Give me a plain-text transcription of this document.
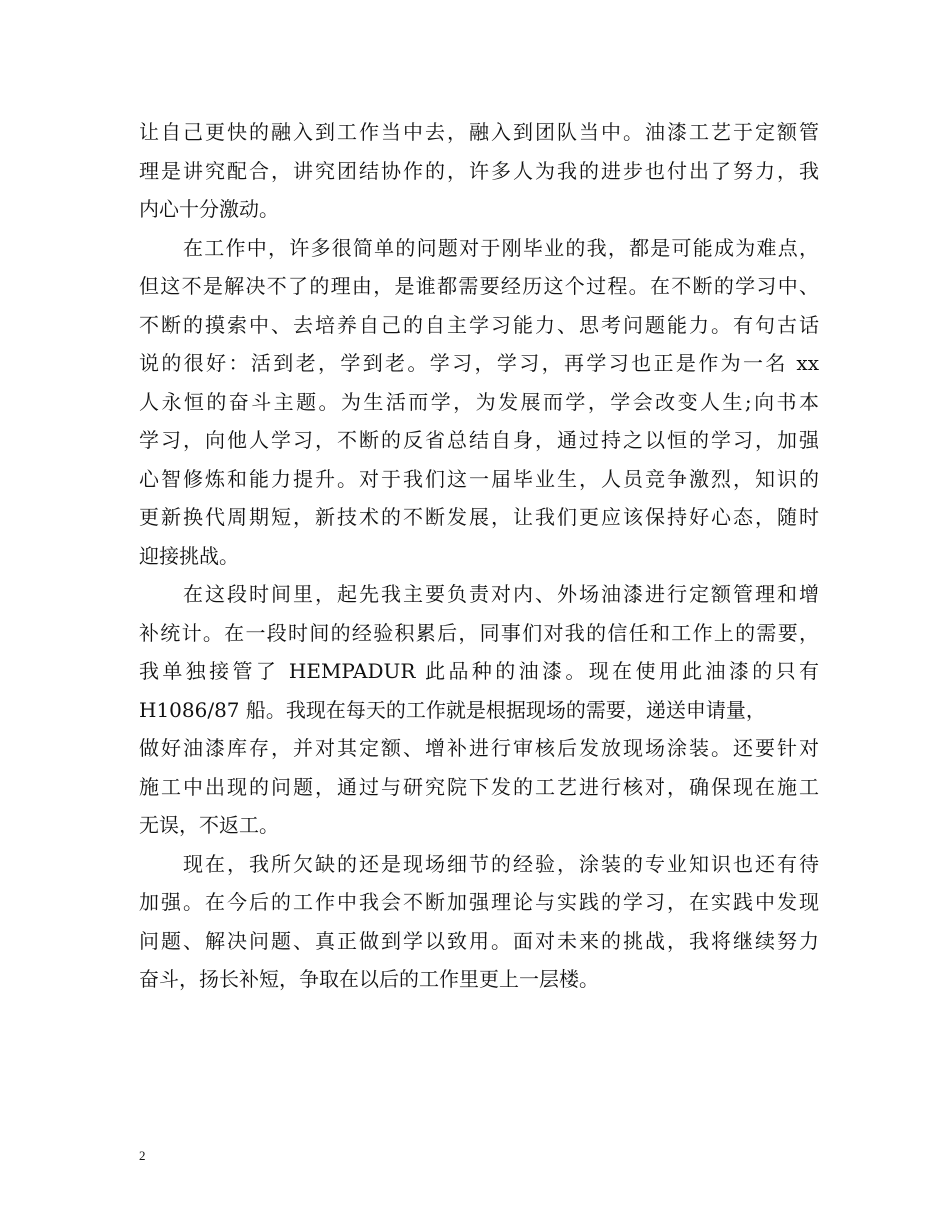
让自己更快的融入到工作当中去，融入到团队当中。油漆工艺于定额管
理是讲究配合，讲究团结协作的，许多人为我的进步也付出了努力，我
内心十分激动。
在工作中，许多很简单的问题对于刚毕业的我，都是可能成为难点，
但这不是解决不了的理由，是谁都需要经历这个过程。在不断的学习中、
不断的摸索中、去培养自己的自主学习能力、思考问题能力。有句古话
说的很好：活到老，学到老。学习，学习，再学习也正是作为一名 xx
人永恒的奋斗主题。为生活而学，为发展而学，学会改变人生;向书本
学习，向他人学习，不断的反省总结自身，通过持之以恒的学习，加强
心智修炼和能力提升。对于我们这一届毕业生，人员竞争激烈，知识的
更新换代周期短，新技术的不断发展，让我们更应该保持好心态，随时
迎接挑战。
在这段时间里，起先我主要负责对内、外场油漆进行定额管理和增
补统计。在一段时间的经验积累后，同事们对我的信任和工作上的需要，
我单独接管了 HEMPADUR 此品种的油漆。现在使用此油漆的只有
H1086/87 船。我现在每天的工作就是根据现场的需要，递送申请量，
做好油漆库存，并对其定额、增补进行审核后发放现场涂装。还要针对
施工中出现的问题，通过与研究院下发的工艺进行核对，确保现在施工
无误，不返工。
现在，我所欠缺的还是现场细节的经验，涂装的专业知识也还有待
加强。在今后的工作中我会不断加强理论与实践的学习，在实践中发现
问题、解决问题、真正做到学以致用。面对未来的挑战，我将继续努力
奋斗，扬长补短，争取在以后的工作里更上一层楼。
2
